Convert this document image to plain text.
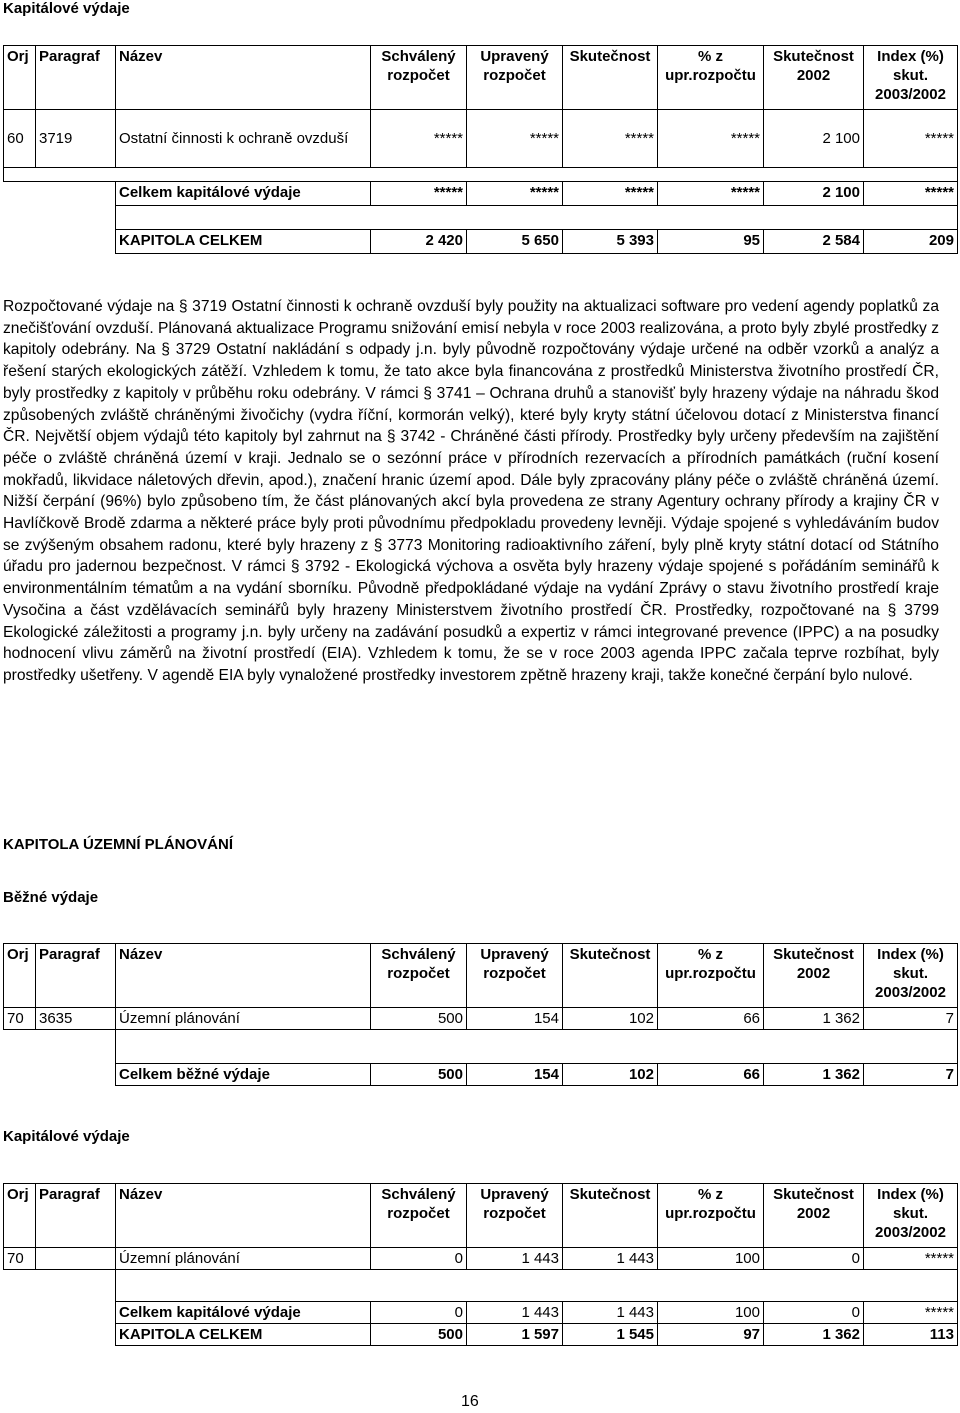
Kapitálové výdaje
Orj	Paragraf	Název	Schválený rozpočet	Upravený rozpočet	Skutečnost	% z upr.rozpočtu	Skutečnost 2002	Index (%) skut. 2003/2002
60	3719	Ostatní činnosti k ochraně ovzduší	*****	*****	*****	*****	2 100	*****

		Celkem kapitálové výdaje	*****	*****	*****	*****	2 100	*****

		KAPITOLA CELKEM	2 420	5 650	5 393	95	2 584	209
Rozpočtované výdaje na § 3719 Ostatní činnosti k ochraně ovzduší byly použity na aktualizaci software pro vedení agendy poplatků za znečišťování ovzduší. Plánovaná aktualizace Programu snižování emisí nebyla v roce 2003 realizována, a proto byly zbylé prostředky z kapitoly odebrány. Na § 3729 Ostatní nakládání s odpady j.n. byly původně rozpočtovány výdaje určené na odběr vzorků a analýz a řešení starých ekologických zátěží. Vzhledem k tomu, že tato akce byla financována z prostředků Ministerstva životního prostředí ČR, byly prostředky z kapitoly v průběhu roku odebrány. V rámci § 3741 – Ochrana druhů a stanovišť byly hrazeny výdaje na náhradu škod způsobených zvláště chráněnými živočichy (vydra říční, kormorán velký), které byly kryty státní účelovou dotací z Ministerstva financí ČR. Největší objem výdajů této kapitoly byl zahrnut na § 3742 - Chráněné části přírody. Prostředky byly určeny především na zajištění péče o zvláště chráněná území v kraji. Jednalo se o sezónní práce v přírodních rezervacích a přírodních památkách (ruční kosení mokřadů, likvidace náletových dřevin, apod.), značení hranic území apod. Dále byly zpracovány plány péče o zvláště chráněná území. Nižší čerpání (96%) bylo způsobeno tím, že část plánovaných akcí byla provedena ze strany Agentury ochrany přírody a krajiny ČR v Havlíčkově Brodě zdarma a některé práce byly proti původnímu předpokladu provedeny levněji. Výdaje spojené s vyhledáváním budov se zvýšeným obsahem radonu, které byly hrazeny z § 3773 Monitoring radioaktivního záření, byly plně kryty státní dotací od Státního úřadu pro jadernou bezpečnost. V rámci § 3792 - Ekologická výchova a osvěta byly hrazeny výdaje spojené s pořádáním seminářů k environmentálním tématům a na vydání sborníku. Původně předpokládané výdaje na vydání Zprávy o stavu životního prostředí kraje Vysočina a část vzdělávacích seminářů byly hrazeny Ministerstvem životního prostředí ČR. Prostředky, rozpočtované na § 3799 Ekologické záležitosti a programy j.n. byly určeny na zadávání posudků a expertiz v rámci integrované prevence (IPPC) a na posudky hodnocení vlivu záměrů na životní prostředí (EIA). Vzhledem k tomu, že se v roce 2003 agenda IPPC začala teprve rozbíhat, byly prostředky ušetřeny. V agendě EIA byly vynaložené prostředky investorem zpětně hrazeny kraji, takže konečné čerpání bylo nulové.
KAPITOLA ÚZEMNÍ PLÁNOVÁNÍ
Běžné výdaje
Orj	Paragraf	Název	Schválený rozpočet	Upravený rozpočet	Skutečnost	% z upr.rozpočtu	Skutečnost 2002	Index (%) skut. 2003/2002
70	3635	Územní plánování	500	154	102	66	1 362	7

		Celkem běžné výdaje	500	154	102	66	1 362	7
Kapitálové výdaje
Orj	Paragraf	Název	Schválený rozpočet	Upravený rozpočet	Skutečnost	% z upr.rozpočtu	Skutečnost 2002	Index (%) skut. 2003/2002
70		Územní plánování	0	1 443	1 443	100	0	*****

		Celkem kapitálové výdaje	0	1 443	1 443	100	0	*****
		KAPITOLA CELKEM	500	1 597	1 545	97	1 362	113
16
